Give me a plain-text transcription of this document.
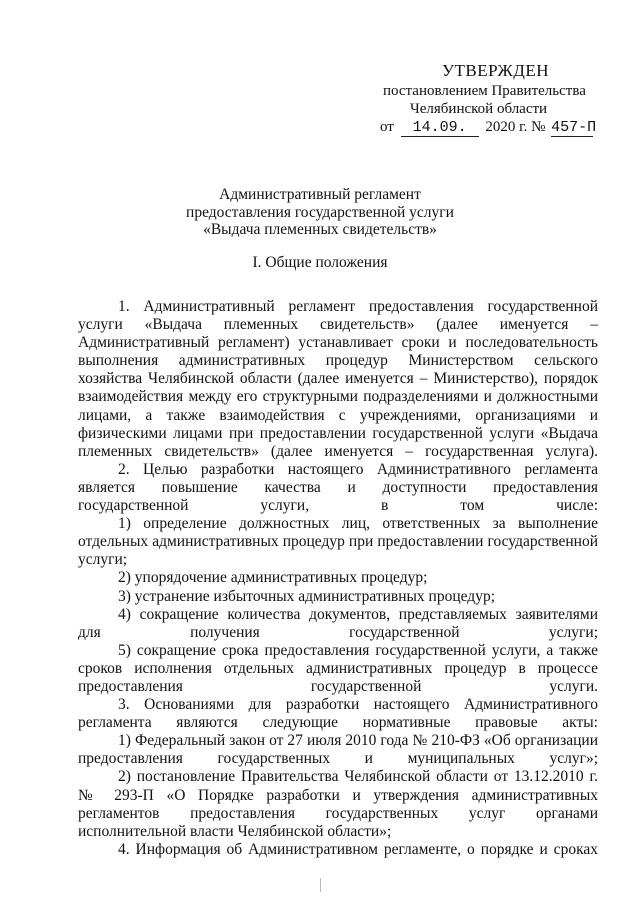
УТВЕРЖДЕН
постановлением Правительства
Челябинской области
от 14.09. 2020 г. № 457-П
Административный регламент
предоставления государственной услуги
«Выдача племенных свидетельств»
I. Общие положения

1. Административный регламент предоставления государственной услуги «Выдача племенных свидетельств» (далее именуется – Административный регламент) устанавливает сроки и последовательность выполнения административных процедур Министерством сельского хозяйства Челябинской области (далее именуется – Министерство), порядок взаимодействия между его структурными подразделениями и должностными лицами, а также взаимодействия с учреждениями, организациями и физическими лицами при предоставлении государственной услуги «Выдача племенных свидетельств» (далее именуется – государственная услуга).

2. Целью разработки настоящего Административного регламента является повышение качества и доступности предоставления государственной услуги, в том числе:

1) определение должностных лиц, ответственных за выполнение отдельных административных процедур при предоставлении государственной услуги;

2) упорядочение административных процедур;

3) устранение избыточных административных процедур;

4) сокращение количества документов, представляемых заявителями для получения государственной услуги;

5) сокращение срока предоставления государственной услуги, а также сроков исполнения отдельных административных процедур в процессе предоставления государственной услуги.

3. Основаниями для разработки настоящего Административного регламента являются следующие нормативные правовые акты:

1) Федеральный закон от 27 июля 2010 года № 210-ФЗ «Об организации предоставления государственных и муниципальных услуг»;

2) постановление Правительства Челябинской области от 13.12.2010 г. № 293-П «О Порядке разработки и утверждения административных регламентов предоставления государственных услуг органами исполнительной власти Челябинской области»;

4. Информация об Административном регламенте, о порядке и сроках
